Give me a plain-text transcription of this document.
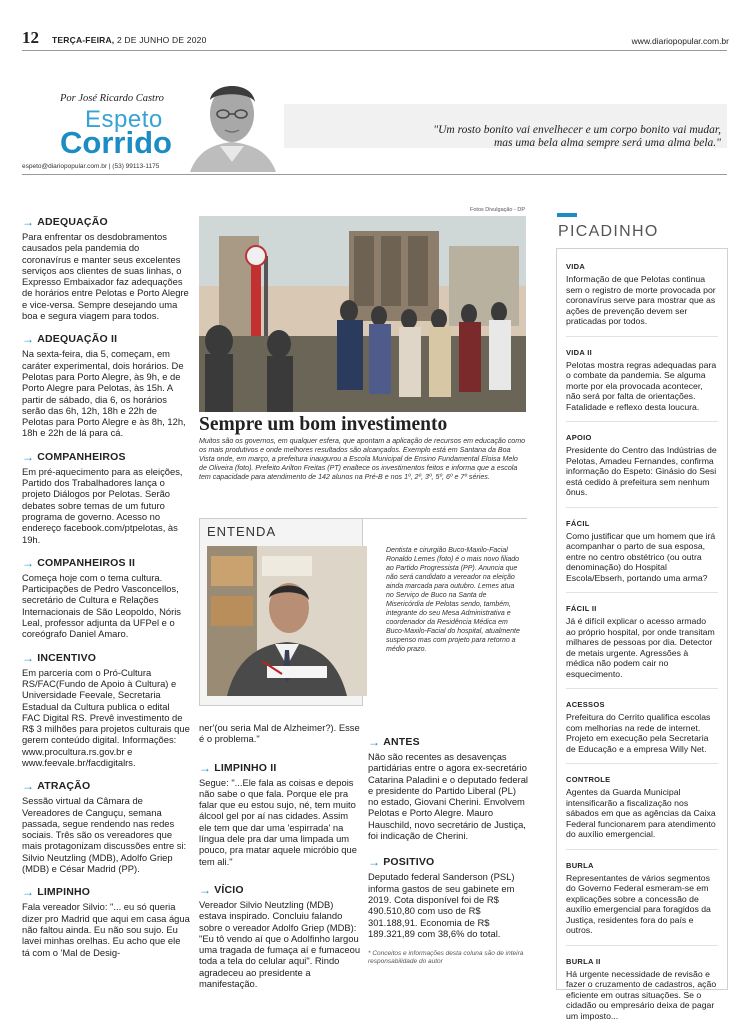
12 TERÇA-FEIRA, 2 DE JUNHO DE 2020	www.diariopopular.com.br
Por José Ricardo Castro
Espeto
Corrido
espeto@diariopopular.com.br | (53) 99113-1175
"Um rosto bonito vai envelhecer e um corpo bonito vai mudar,
mas uma bela alma sempre será uma alma bela."
→ ADEQUAÇÃO
Para enfrentar os desdobramentos causados pela pandemia do coronavírus e manter seus excelentes serviços aos clientes de suas linhas, o Expresso Embaixador faz adequações de horários entre Pelotas e Porto Alegre e vice-versa. Sempre desejando uma boa e segura viagem para todos.
→ ADEQUAÇÃO II
Na sexta-feira, dia 5, começam, em caráter experimental, dois horários. De Pelotas para Porto Alegre, às 9h, e de Porto Alegre para Pelotas, às 15h. A partir de sábado, dia 6, os horários serão das 6h, 12h, 18h e 22h de Pelotas para Porto Alegre e às 8h, 12h, 18h e 22h de lá para cá.
→ COMPANHEIROS
Em pré-aquecimento para as eleições, Partido dos Trabalhadores lança o projeto Diálogos por Pelotas. Serão debates sobre temas de um futuro programa de governo. Acesso no endereço facebook.com/ptpelotas, às 19h.
→ COMPANHEIROS II
Começa hoje com o tema cultura. Participações de Pedro Vasconcellos, secretário de Cultura e Relações Internacionais de São Leopoldo, Nóris Leal, professor adjunta da UFPel e o coreógrafo Daniel Amaro.
→ INCENTIVO
Em parceria com o Pró-Cultura RS/FAC(Fundo de Apoio à Cultura) e Universidade Feevale, Secretaria Estadual da Cultura publica o edital FAC Digital RS. Prevê investimento de R$ 3 milhões para projetos culturais que gerem conteúdo digital. Informações: www.procultura.rs.gov.br e www.feevale.br/facdigitalrs.
→ ATRAÇÃO
Sessão virtual da Câmara de Vereadores de Canguçu, semana passada, segue rendendo nas redes sociais. Três são os vereadores que mais protagonizam discussões entre si: Silvio Neutzling (MDB), Adolfo Griep (MDB) e César Madrid (PP).
→ LIMPINHO
Fala vereador Silvio: "... eu só queria dizer pro Madrid que aqui em casa água não faltou ainda. Eu não sou sujo. Eu lavei minhas orelhas. Eu acho que ele tá com o 'Mal de Desig-
Fotos Divulgação - DP
Sempre um bom investimento
Muitos são os governos, em qualquer esfera, que apontam a aplicação de recursos em educação como os mais produtivos e onde melhores resultados são alcançados. Exemplo está em Santana da Boa Vista onde, em março, a prefeitura inaugurou a Escola Municipal de Ensino Fundamental Eloisa Melo de Oliveira (foto). Prefeito Arilton Freitas (PT) enaltece os investimentos feitos e informa que a escola tem capacidade para atendimento de 142 alunos na Pré-B e nos 1º, 2º, 3º, 5º, 6º e 7º séries.
ENTENDA
Dentista e cirurgião Buco-Maxilo-Facial Ronaldo Lemes (foto) é o mais novo filiado ao Partido Progressista (PP). Anuncia que não será candidato a vereador na eleição ainda marcada para outubro. Lemes atua no Serviço de Buco na Santa de Misericórdia de Pelotas sendo, também, integrante do seu Mesa Administrativa e coordenador da Residência Médica em Buco-Maxilo-Facial do hospital, atualmente suspenso mas com projeto para retorno a médio prazo.
ner'(ou seria Mal de Alzheimer?). Esse é o problema."
→ LIMPINHO II
Segue: "...Ele fala as coisas e depois não sabe o que fala. Porque ele pra falar que eu estou sujo, né, tem muito álcool gel por aí nas cidades. Assim ele tem que dar uma 'espirrada' na língua dele pra dar uma limpada um pouco, pra matar aquele micróbio que tem ali."
→ VÍCIO
Vereador Silvio Neutzling (MDB) estava inspirado. Concluiu falando sobre o vereador Adolfo Griep (MDB): "Eu tô vendo aí que o Adolfinho largou uma tragada de fumaça aí e fumaceou toda a tela do celular aqui". Rindo agradeceu ao presidente a manifestação.
→ ANTES
Não são recentes as desavenças partidárias entre o agora ex-secretário Catarina Paladini e o deputado federal e presidente do Partido Liberal (PL) no estado, Giovani Cherini. Envolvem Pelotas e Porto Alegre. Mauro Hauschild, novo secretário de Justiça, foi indicação de Cherini.
→ POSITIVO
Deputado federal Sanderson (PSL) informa gastos de seu gabinete em 2019. Cota disponível foi de R$ 490.510,80 com uso de R$ 301.188,91. Economia de R$ 189.321,89 com 38,6% do total.
* Conceitos e informações desta coluna são de inteira responsabilidade do autor
PICADINHO
VIDA
Informação de que Pelotas continua sem o registro de morte provocada por coronavírus serve para mostrar que as ações de prevenção devem ser praticadas por todos.
VIDA II
Pelotas mostra regras adequadas para o combate da pandemia. Se alguma morte por ela provocada acontecer, não será por falta de orientações. Fatalidade e reflexo desta loucura.
APOIO
Presidente do Centro das Indústrias de Pelotas, Amadeu Fernandes, confirma informação do Espeto: Ginásio do Sesi está cedido à prefeitura sem nenhum ônus.
FÁCIL
Como justificar que um homem que irá acompanhar o parto de sua esposa, entre no centro obstétrico (ou outra denominação) do Hospital Escola/Ebserh, portando uma arma?
FÁCIL II
Já é difícil explicar o acesso armado ao próprio hospital, por onde transitam milhares de pessoas por dia. Detector de metais urgente. Agressões à médica não podem cair no esquecimento.
ACESSOS
Prefeitura do Cerrito qualifica escolas com melhorias na rede de internet. Projeto em execução pela Secretaria de Educação e a empresa Willy Net.
CONTROLE
Agentes da Guarda Municipal intensificarão a fiscalização nos sábados em que as agências da Caixa Federal funcionarem para atendimento do auxílio emergencial.
BURLA
Representantes de vários segmentos do Governo Federal esmeram-se em explicações sobre a concessão de auxílio emergencial para foragidos da Justiça, residentes fora do país e outros.
BURLA II
Há urgente necessidade de revisão e fazer o cruzamento de cadastros, ação eficiente em outras situações. Se o cidadão ou empresário deixa de pagar um imposto...
